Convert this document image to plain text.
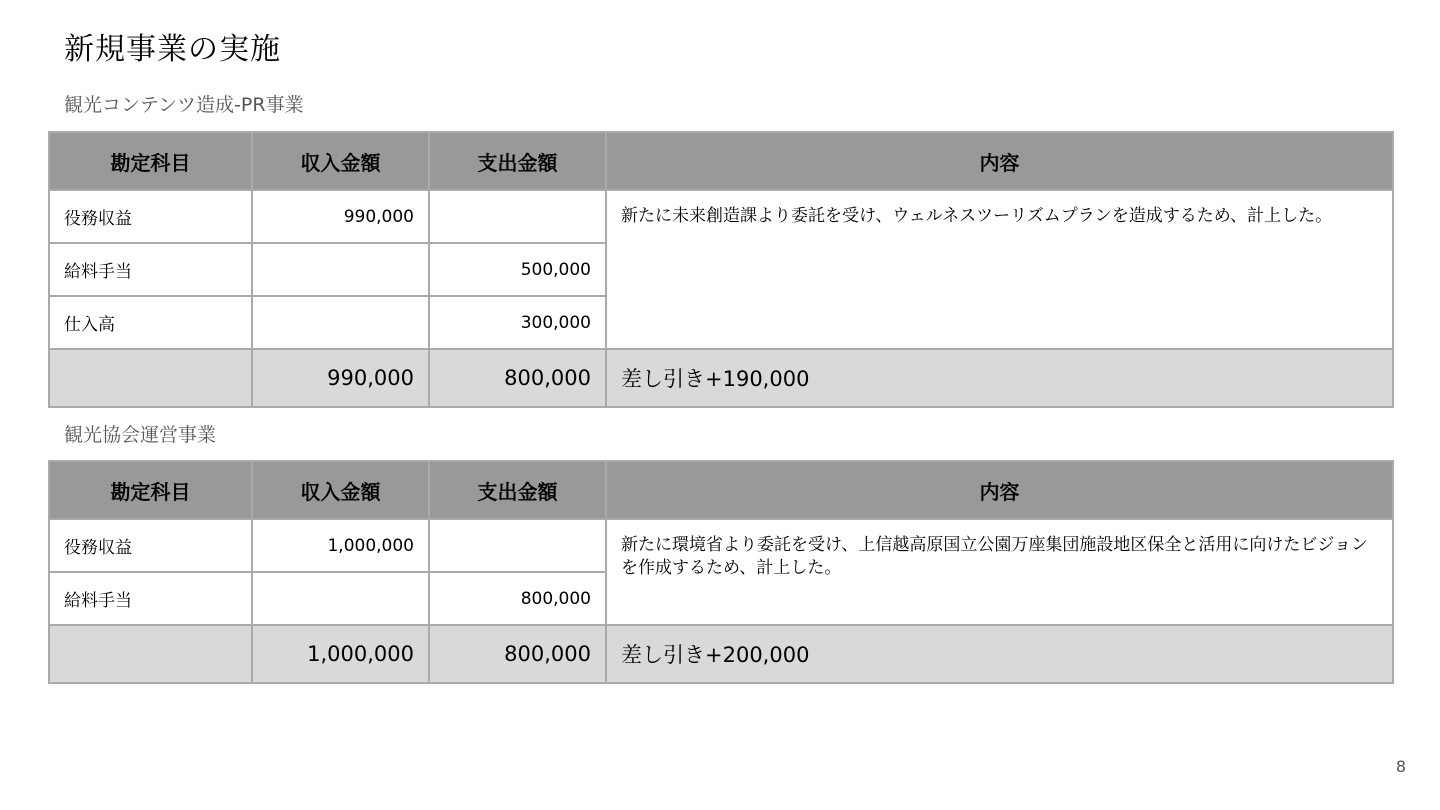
新規事業の実施
観光コンテンツ造成-PR事業
勘定科目	収入金額	支出金額	内容
役務収益	990,000		新たに未来創造課より委託を受け、ウェルネスツーリズムプランを造成するため、計上した。
給料手当		500,000	
仕入高		300,000	
	990,000	800,000	差し引き+190,000
観光協会運営事業
勘定科目	収入金額	支出金額	内容
役務収益	1,000,000		新たに環境省より委託を受け、上信越高原国立公園万座集団施設地区保全と活用に向けたビジョンを作成するため、計上した。
給料手当		800,000	
	1,000,000	800,000	差し引き+200,000
8
